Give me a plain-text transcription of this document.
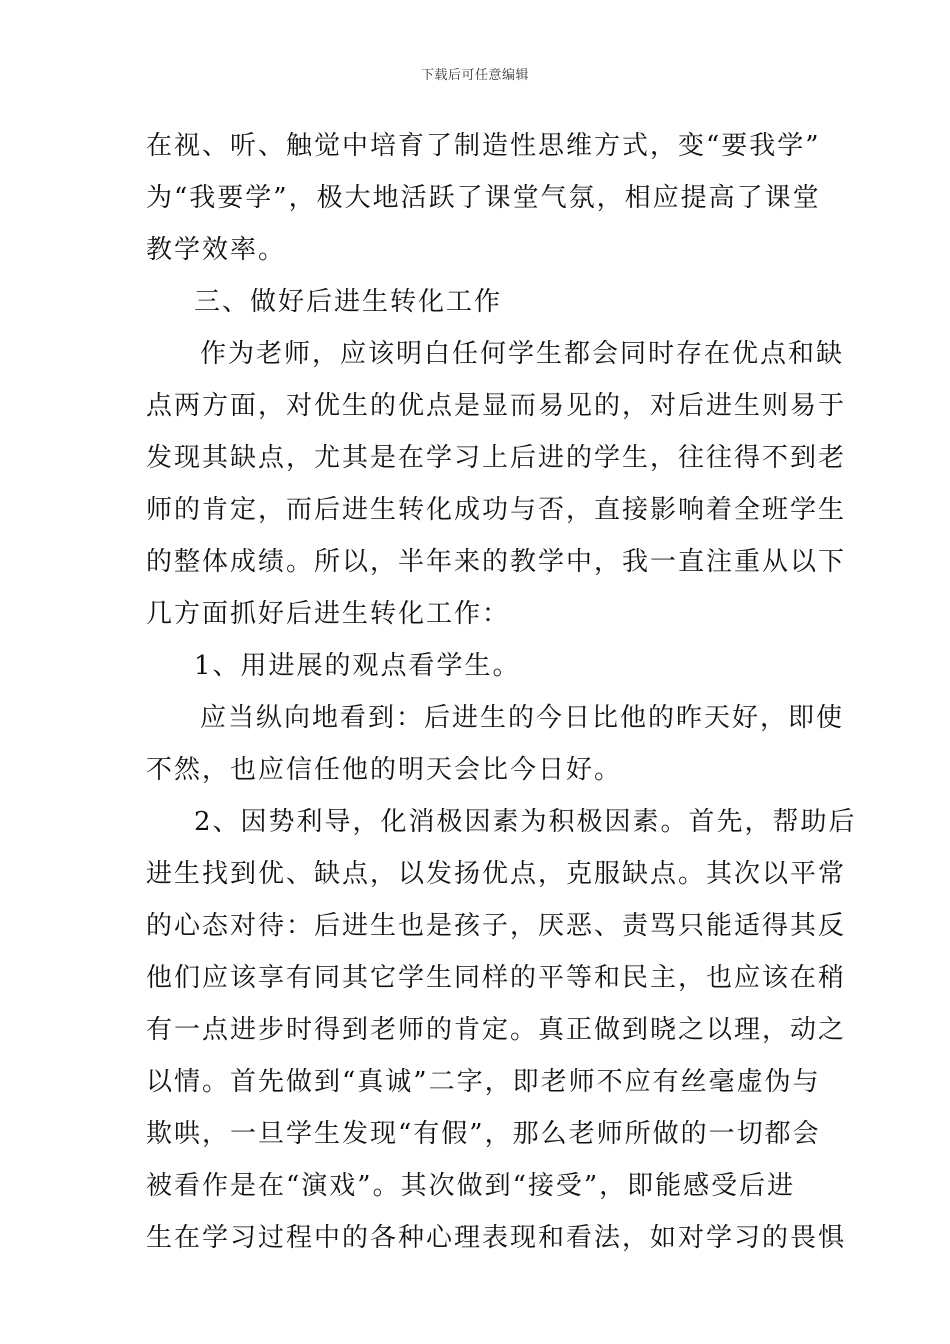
下载后可任意编辑
在视、听、触觉中培育了制造性思维方式，变“要我学”
为“我要学”，极大地活跃了课堂气氛，相应提高了课堂
教学效率。
三、做好后进生转化工作
作为老师，应该明白任何学生都会同时存在优点和缺
点两方面，对优生的优点是显而易见的，对后进生则易于
发现其缺点，尤其是在学习上后进的学生，往往得不到老
师的肯定，而后进生转化成功与否，直接影响着全班学生
的整体成绩。所以，半年来的教学中，我一直注重从以下
几方面抓好后进生转化工作：
1、用进展的观点看学生。
应当纵向地看到：后进生的今日比他的昨天好，即使
不然，也应信任他的明天会比今日好。
2、因势利导，化消极因素为积极因素。首先，帮助后
进生找到优、缺点，以发扬优点，克服缺点。其次以平常
的心态对待：后进生也是孩子，厌恶、责骂只能适得其反
他们应该享有同其它学生同样的平等和民主，也应该在稍
有一点进步时得到老师的肯定。真正做到晓之以理，动之
以情。首先做到“真诚”二字，即老师不应有丝毫虚伪与
欺哄，一旦学生发现“有假”，那么老师所做的一切都会
被看作是在“演戏”。其次做到“接受”，即能感受后进
生在学习过程中的各种心理表现和看法，如对学习的畏惧
